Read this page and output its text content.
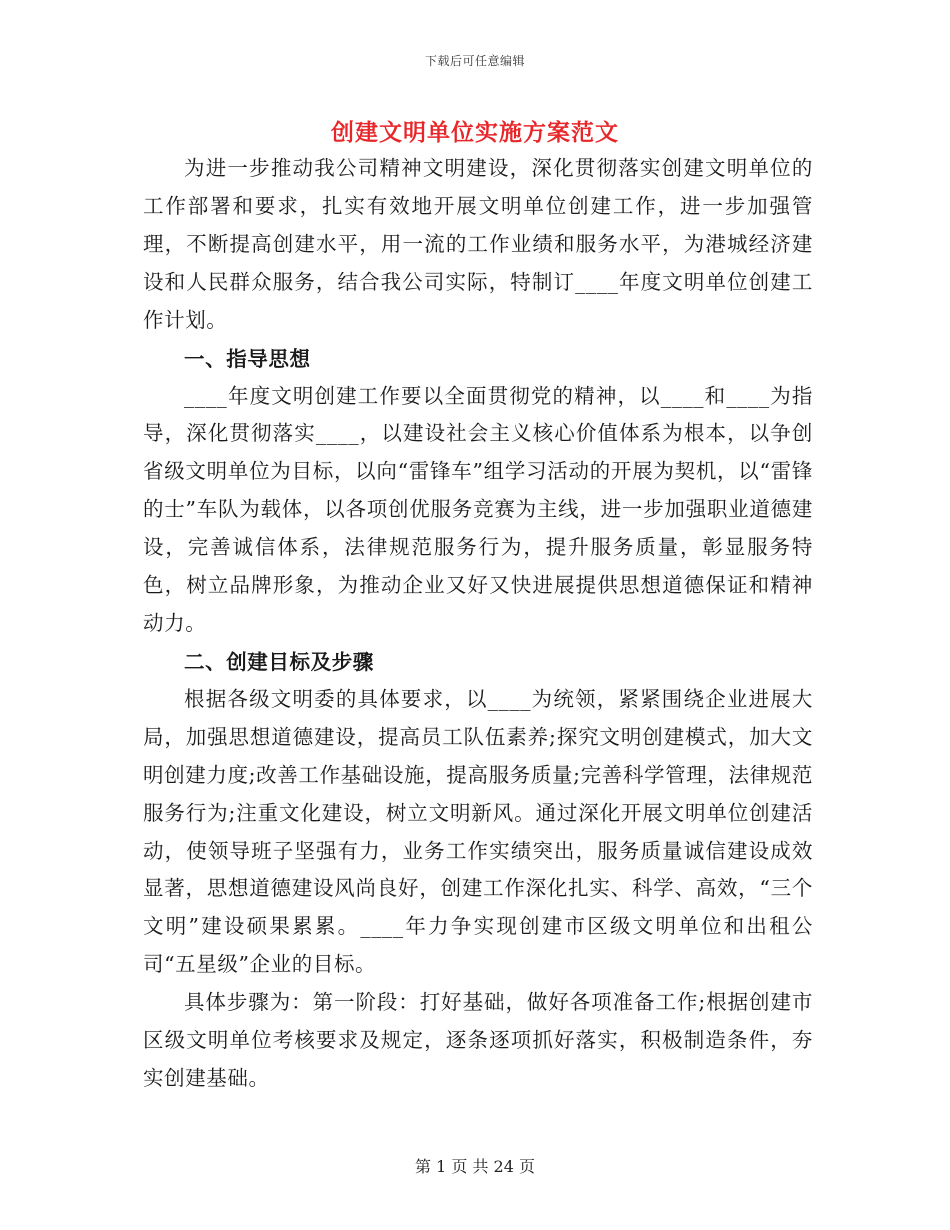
下载后可任意编辑
创建文明单位实施方案范文

为进一步推动我公司精神文明建设，深化贯彻落实创建文明单位的工作部署和要求，扎实有效地开展文明单位创建工作，进一步加强管理，不断提高创建水平，用一流的工作业绩和服务水平，为港城经济建设和人民群众服务，结合我公司实际，特制订____年度文明单位创建工作计划。

一、指导思想

____年度文明创建工作要以全面贯彻党的精神，以____和____为指导，深化贯彻落实____，以建设社会主义核心价值体系为根本，以争创省级文明单位为目标，以向“雷锋车”组学习活动的开展为契机，以“雷锋的士”车队为载体，以各项创优服务竞赛为主线，进一步加强职业道德建设，完善诚信体系，法律规范服务行为，提升服务质量，彰显服务特色，树立品牌形象，为推动企业又好又快进展提供思想道德保证和精神动力。

二、创建目标及步骤

根据各级文明委的具体要求，以____为统领，紧紧围绕企业进展大局，加强思想道德建设，提高员工队伍素养;探究文明创建模式，加大文明创建力度;改善工作基础设施，提高服务质量;完善科学管理，法律规范服务行为;注重文化建设，树立文明新风。通过深化开展文明单位创建活动，使领导班子坚强有力，业务工作实绩突出，服务质量诚信建设成效显著，思想道德建设风尚良好，创建工作深化扎实、科学、高效，“三个文明”建设硕果累累。____年力争实现创建市区级文明单位和出租公司“五星级”企业的目标。

具体步骤为：第一阶段：打好基础，做好各项准备工作;根据创建市区级文明单位考核要求及规定，逐条逐项抓好落实，积极制造条件，夯实创建基础。

第 1 页 共 24 页
